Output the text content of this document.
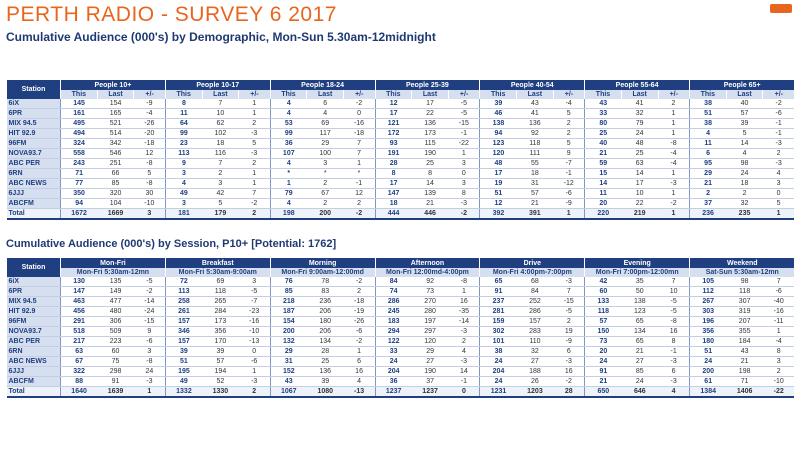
PERTH RADIO - SURVEY 6 2017
Cumulative Audience (000's) by Demographic, Mon-Sun 5.30am-12midnight
Station	People 10+			People 10-17			People 18-24			People 25-39			People 40-54			People 55-64			People 65+		
	This	Last	+/-	This	Last	+/-	This	Last	+/-	This	Last	+/-	This	Last	+/-	This	Last	+/-	This	Last	+/-
6iX	145	154	-9	8	7	1	4	6	-2	12	17	-5	39	43	-4	43	41	2	38	40	-2
6PR	161	165	-4	11	10	1	4	4	0	17	22	-5	46	41	5	33	32	1	51	57	-6
MIX 94.5	495	521	-26	64	62	2	53	69	-16	121	136	-15	138	136	2	80	79	1	38	39	-1
HIT 92.9	494	514	-20	99	102	-3	99	117	-18	172	173	-1	94	92	2	25	24	1	4	5	-1
96FM	324	342	-18	23	18	5	36	29	7	93	115	-22	123	118	5	40	48	-8	11	14	-3
NOVA93.7	558	546	12	113	116	-3	107	100	7	191	190	1	120	111	9	21	25	-4	6	4	2
ABC PER	243	251	-8	9	7	2	4	3	1	28	25	3	48	55	-7	59	63	-4	95	98	-3
6RN	71	66	5	3	2	1	*	*	*	8	8	0	17	18	-1	15	14	1	29	24	4
ABC NEWS	77	85	-8	4	3	1	1	2	-1	17	14	3	19	31	-12	14	17	-3	21	18	3
6JJJ	350	320	30	49	42	7	79	67	12	147	139	8	51	57	-6	11	10	1	2	2	0
ABCFM	94	104	-10	3	5	-2	4	2	2	18	21	-3	12	21	-9	20	22	-2	37	32	5
Total	1672	1669	3	181	179	2	198	200	-2	444	446	-2	392	391	1	220	219	1	236	235	1
Cumulative Audience (000's) by Session, P10+ [Potential: 1762]
Station	Mon-Fri			Breakfast			Morning			Afternoon			Drive			Evening			Weekend		
	Mon-Fri 5:30am-12mn			Mon-Fri 5:30am-9:00am			Mon-Fri 9:00am-12:00md			Mon-Fri 12:00md-4:00pm			Mon-Fri 4:00pm-7:00pm			Mon-Fri 7:00pm-12:00mn			Sat-Sun 5:30am-12mn		
6iX	130	135	-5	72	69	3	76	78	-2	84	92	-8	65	68	-3	42	35	7	105	98	7
6PR	147	149	-2	113	118	-5	85	83	2	74	73	1	91	84	7	60	50	10	112	118	-6
MIX 94.5	463	477	-14	258	265	-7	218	236	-18	286	270	16	237	252	-15	133	138	-5	267	307	-40
HIT 92.9	456	480	-24	261	284	-23	187	206	-19	245	280	-35	281	286	-5	118	123	-5	303	319	-16
96FM	291	306	-15	157	173	-16	154	180	-26	183	197	-14	159	157	2	57	65	-8	196	207	-11
NOVA93.7	518	509	9	346	356	-10	200	206	-6	294	297	-3	302	283	19	150	134	16	356	355	1
ABC PER	217	223	-6	157	170	-13	132	134	-2	122	120	2	101	110	-9	73	65	8	180	184	-4
6RN	63	60	3	39	39	0	29	28	1	33	29	4	38	32	6	20	21	-1	51	43	8
ABC NEWS	67	75	-8	51	57	-6	31	25	6	24	27	-3	24	27	-3	24	27	-3	24	21	3
6JJJ	322	298	24	195	194	1	152	136	16	204	190	14	204	188	16	91	85	6	200	198	2
ABCFM	88	91	-3	49	52	-3	43	39	4	36	37	-1	24	26	-2	21	24	-3	61	71	-10
Total	1640	1639	1	1332	1330	2	1067	1080	-13	1237	1237	0	1231	1203	28	650	646	4	1384	1406	-22
